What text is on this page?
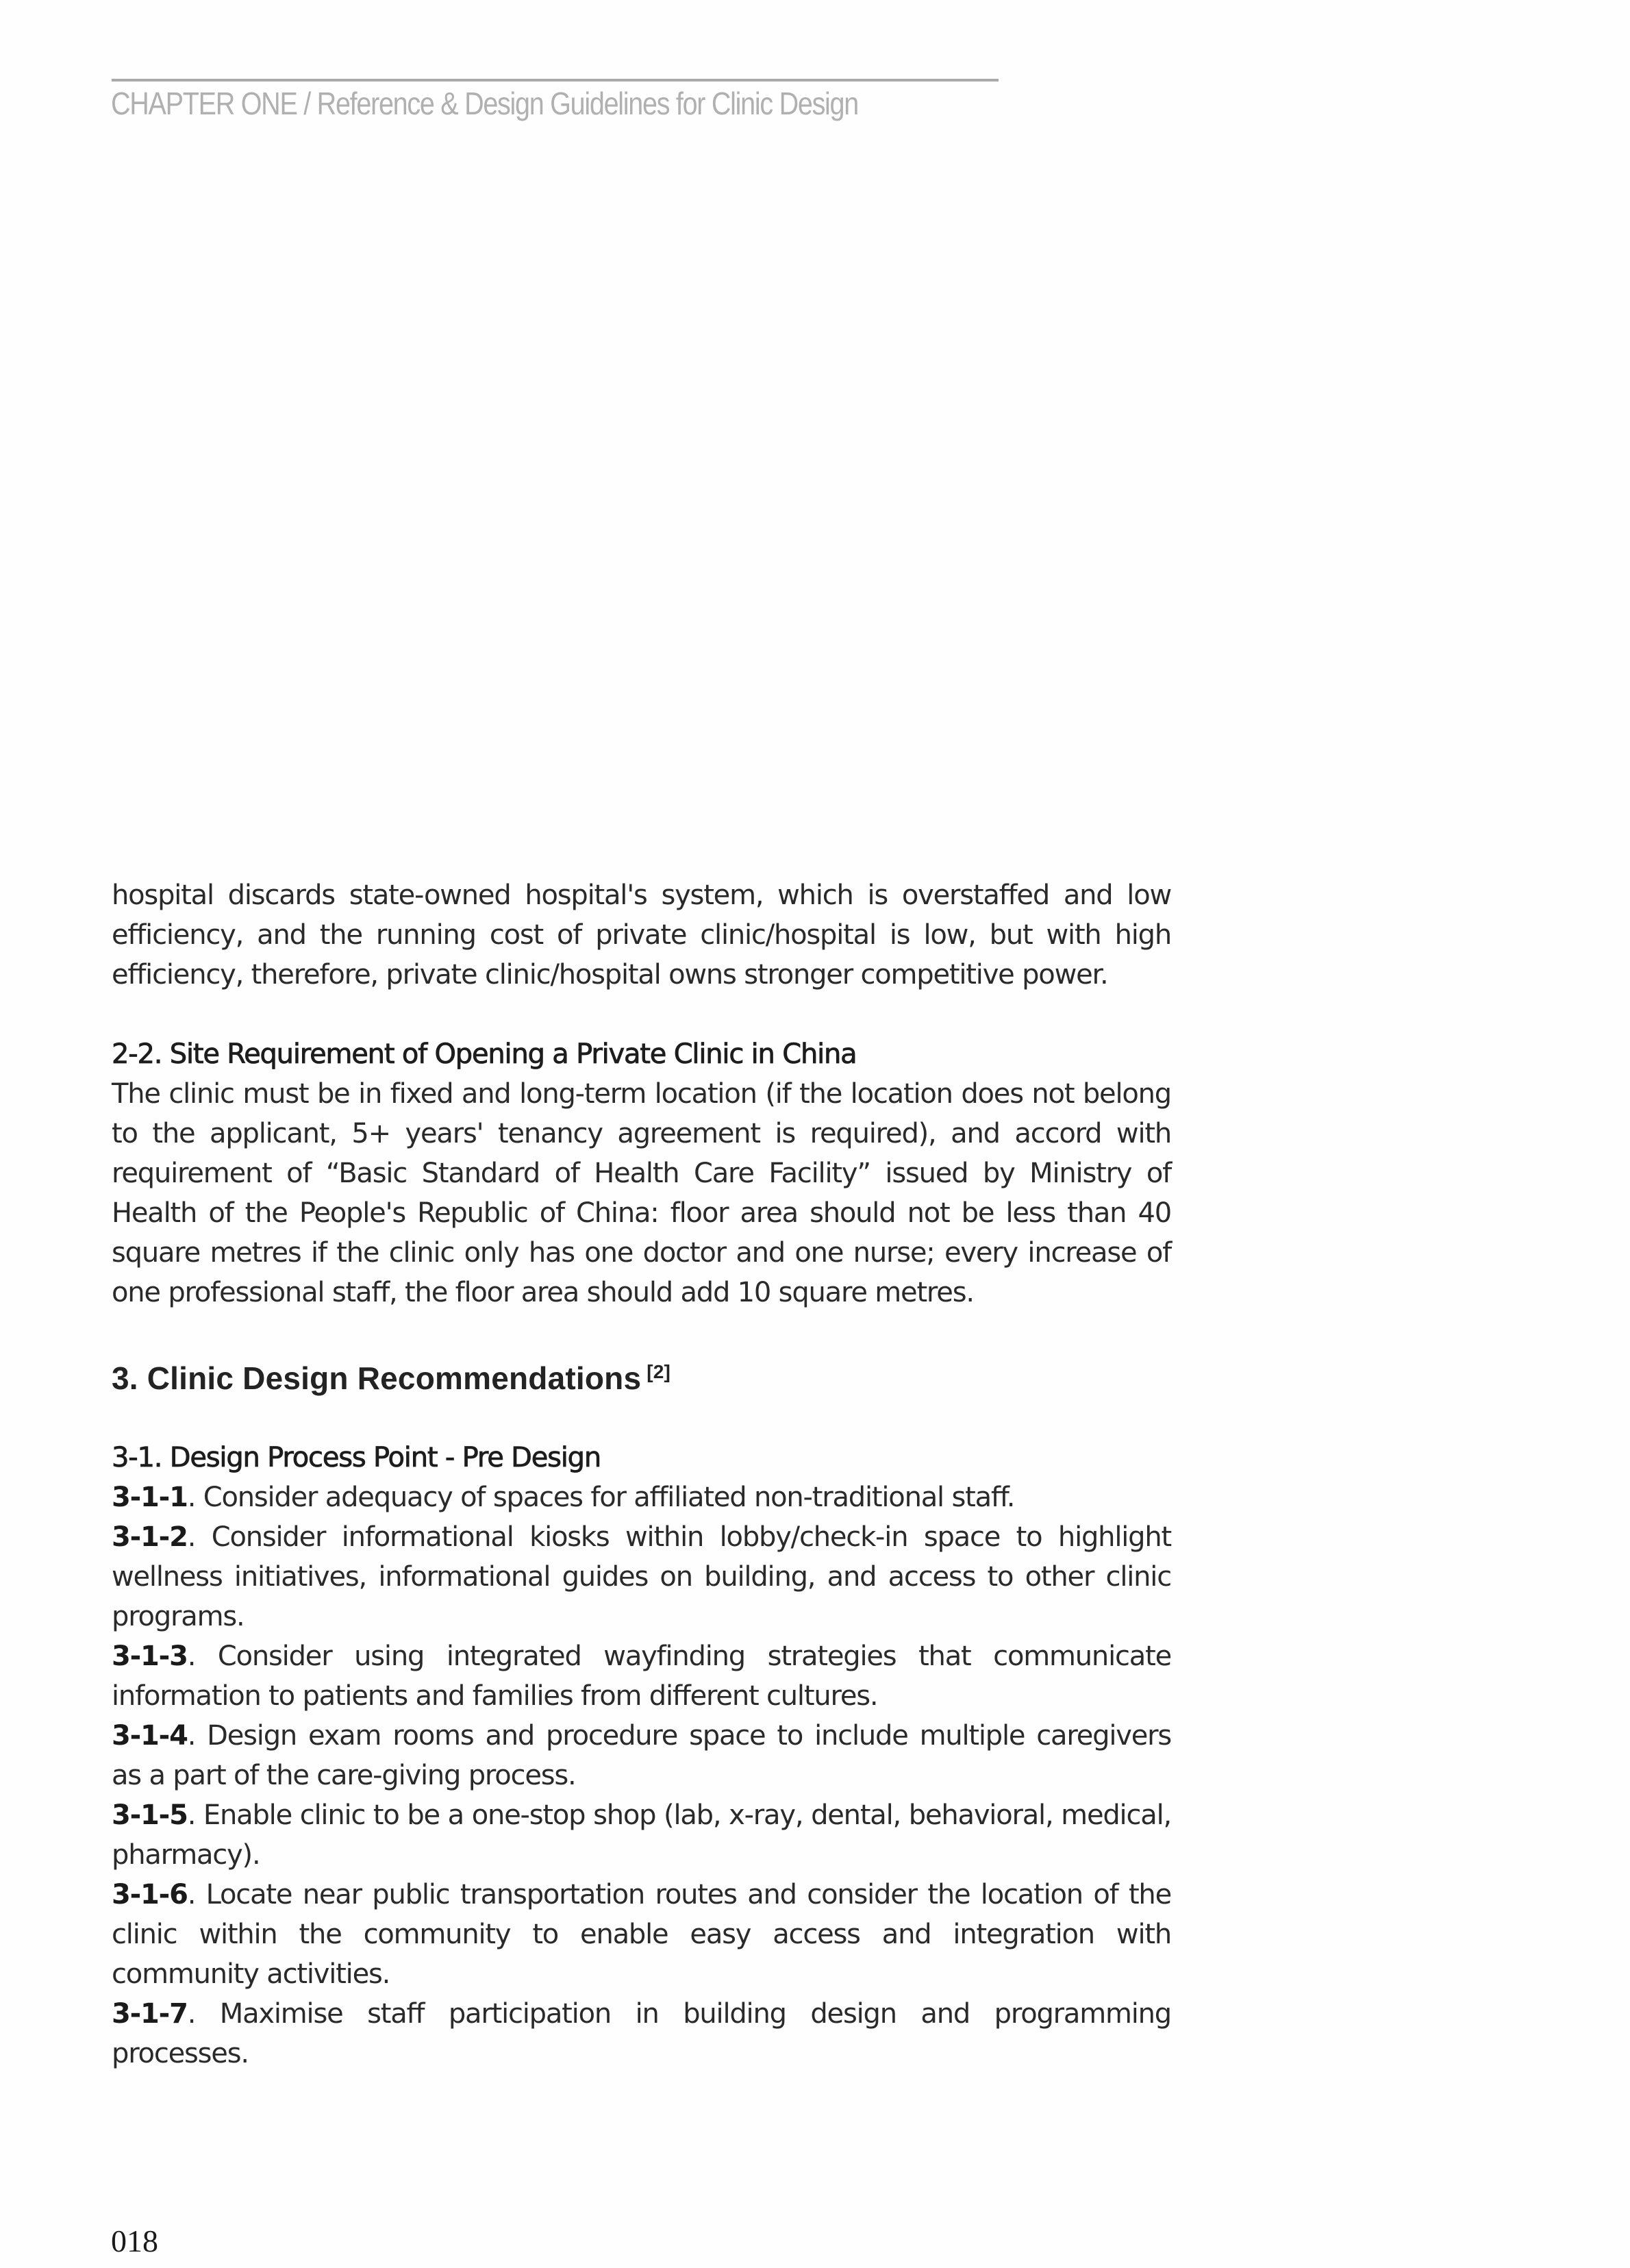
CHAPTER ONE / Reference & Design Guidelines for Clinic Design

hospital discards state-owned hospital's system, which is overstaffed and low efficiency, and the running cost of private clinic/hospital is low, but with high efficiency, therefore, private clinic/hospital owns stronger competitive power.

2-2. Site Requirement of Opening a Private Clinic in China

The clinic must be in fixed and long-term location (if the location does not belong to the applicant, 5+ years' tenancy agreement is required), and accord with requirement of “Basic Standard of Health Care Facility” issued by Ministry of Health of the People's Republic of China: floor area should not be less than 40 square metres if the clinic only has one doctor and one nurse; every increase of one professional staff, the floor area should add 10 square metres.

3. Clinic Design Recommendations [2]

3-1. Design Process Point - Pre Design

3-1-1. Consider adequacy of spaces for affiliated non-traditional staff.

3-1-2. Consider informational kiosks within lobby/check-in space to highlight wellness initiatives, informational guides on building, and access to other clinic programs.

3-1-3. Consider using integrated wayfinding strategies that communicate information to patients and families from different cultures.

3-1-4. Design exam rooms and procedure space to include multiple caregivers as a part of the care-giving process.

3-1-5. Enable clinic to be a one-stop shop (lab, x-ray, dental, behavioral, medical, pharmacy).

3-1-6. Locate near public transportation routes and consider the location of the clinic within the community to enable easy access and integration with community activities.

3-1-7. Maximise staff participation in building design and programming processes.

018
